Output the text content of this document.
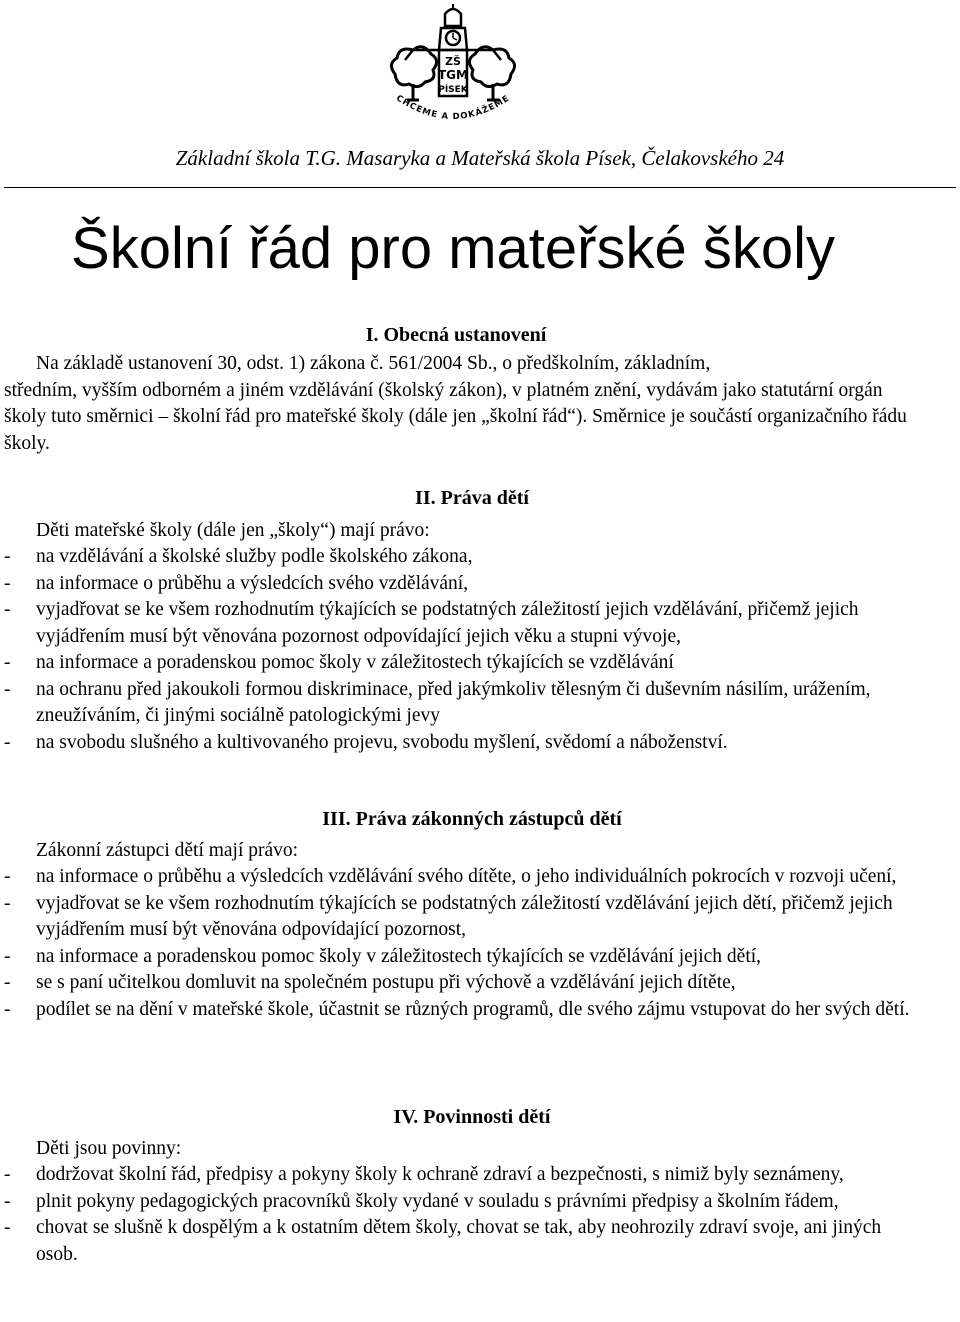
ZŠ
TGM
PÍSEK
CHCEME A DOKÁŽEME
Základní škola T.G. Masaryka a Mateřská škola Písek, Čelakovského 24
Školní řád pro mateřské školy
I. Obecná ustanovení
Na základě ustanovení 30, odst. 1) zákona č. 561/2004 Sb., o předškolním, základním,
středním, vyšším odborném a jiném vzdělávání (školský zákon), v platném znění, vydávám jako statutární orgán školy tuto směrnici – školní řád pro mateřské školy (dále jen „školní řád“). Směrnice je součástí organizačního řádu školy.
II. Práva dětí
Děti mateřské školy (dále jen „školy“) mají právo:
- na vzdělávání a školské služby podle školského zákona,
- na informace o průběhu a výsledcích svého vzdělávání,
- vyjadřovat se ke všem rozhodnutím týkajících se podstatných záležitostí jejich vzdělávání, přičemž jejich vyjádřením musí být věnována pozornost odpovídající jejich věku a stupni vývoje,
- na informace a poradenskou pomoc školy v záležitostech týkajících se vzdělávání
- na ochranu před jakoukoli formou diskriminace, před jakýmkoliv tělesným či duševním násilím, urážením, zneužíváním, či jinými sociálně patologickými jevy
- na svobodu slušného a kultivovaného projevu, svobodu myšlení, svědomí a náboženství.
III. Práva zákonných zástupců dětí
Zákonní zástupci dětí mají právo:
- na informace o průběhu a výsledcích vzdělávání svého dítěte, o jeho individuálních pokrocích v rozvoji učení,
- vyjadřovat se ke všem rozhodnutím týkajících se podstatných záležitostí vzdělávání jejich dětí, přičemž jejich vyjádřením musí být věnována odpovídající pozornost,
- na informace a poradenskou pomoc školy v záležitostech týkajících se vzdělávání jejich dětí,
- se s paní učitelkou domluvit na společném postupu při výchově a vzdělávání jejich dítěte,
- podílet se na dění v mateřské škole, účastnit se různých programů, dle svého zájmu vstupovat do her svých dětí.
IV. Povinnosti dětí
Děti jsou povinny:
- dodržovat školní řád, předpisy a pokyny školy k ochraně zdraví a bezpečnosti, s nimiž byly seznámeny,
- plnit pokyny pedagogických pracovníků školy vydané v souladu s právními předpisy a školním řádem,
- chovat se slušně k dospělým a k ostatním dětem školy, chovat se tak, aby neohrozily zdraví svoje, ani jiných osob.
